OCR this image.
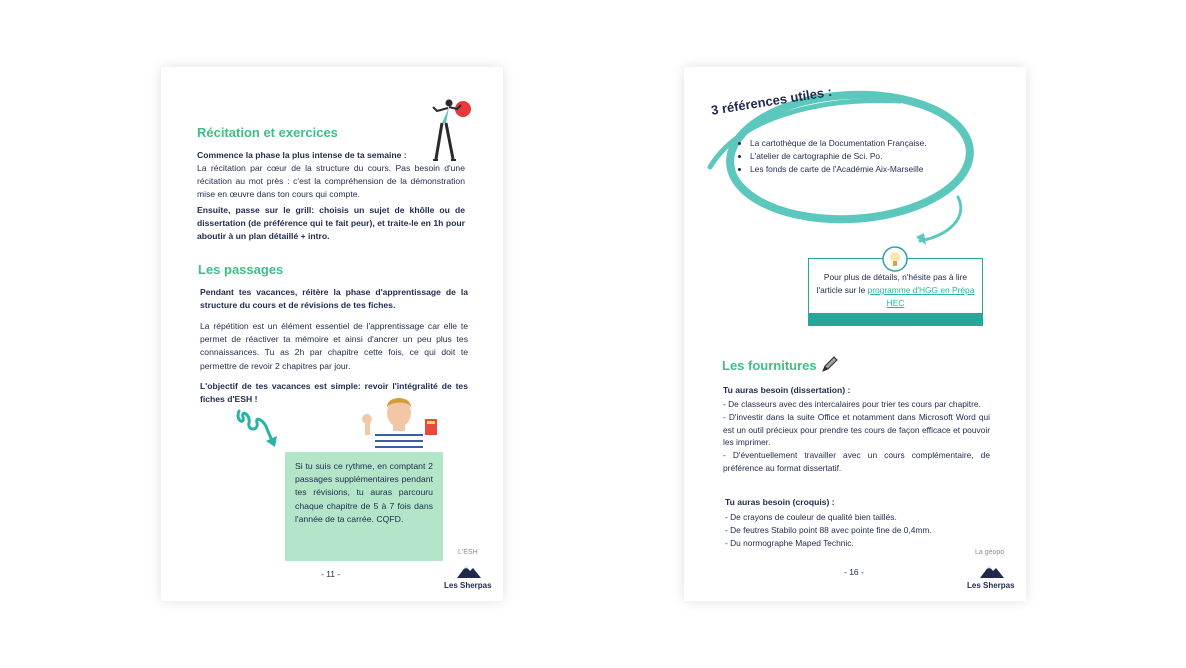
Récitation et exercices
Commence la phase la plus intense de ta semaine :
La récitation par cœur de la structure du cours. Pas besoin d'une récitation au mot près : c'est la compréhension de la démonstration mise en œuvre dans ton cours qui compte.
Ensuite, passe sur le grill: choisis un sujet de khôlle ou de dissertation (de préférence qui te fait peur), et traite-le en 1h pour aboutir à un plan détaillé + intro.
Les passages
Pendant tes vacances, réitère la phase d'apprentissage de la structure du cours et de révisions de tes fiches.
La répétition est un élément essentiel de l'apprentissage car elle te permet de réactiver ta mémoire et ainsi d'ancrer un peu plus tes connaissances. Tu as 2h par chapitre cette fois, ce qui doit te permettre de revoir 2 chapitres par jour.
L'objectif de tes vacances est simple: revoir l'intégralité de tes fiches d'ESH !
Si tu suis ce rythme, en comptant 2 passages supplémentaires pendant tes révisions, tu auras parcouru chaque chapitre de 5 à 7 fois dans l'année de ta carrée. CQFD.
L'ESH
- 11 -
Les Sherpas
3 références utiles :
• La cartothèque de la Documentation Française.
• L'atelier de cartographie de Sci. Po.
• Les fonds de carte de l'Académie Aix-Marseille
Pour plus de détails, n'hésite pas à lire l'article sur le programme d'HGG en Prépa HEC
Les fournitures
Tu auras besoin (dissertation) :
- De classeurs avec des intercalaires pour trier tes cours par chapitre.
- D'investir dans la suite Office et notamment dans Microsoft Word qui est un outil précieux pour prendre tes cours de façon efficace et pouvoir les imprimer.
- D'éventuellement travailler avec un cours complémentaire, de préférence au format dissertatif.
Tu auras besoin (croquis) :
- De crayons de couleur de qualité bien taillés.
- De feutres Stabilo point 88 avec pointe fine de 0,4mm.
- Du normographe Maped Technic.
La géopo
- 16 -
Les Sherpas
